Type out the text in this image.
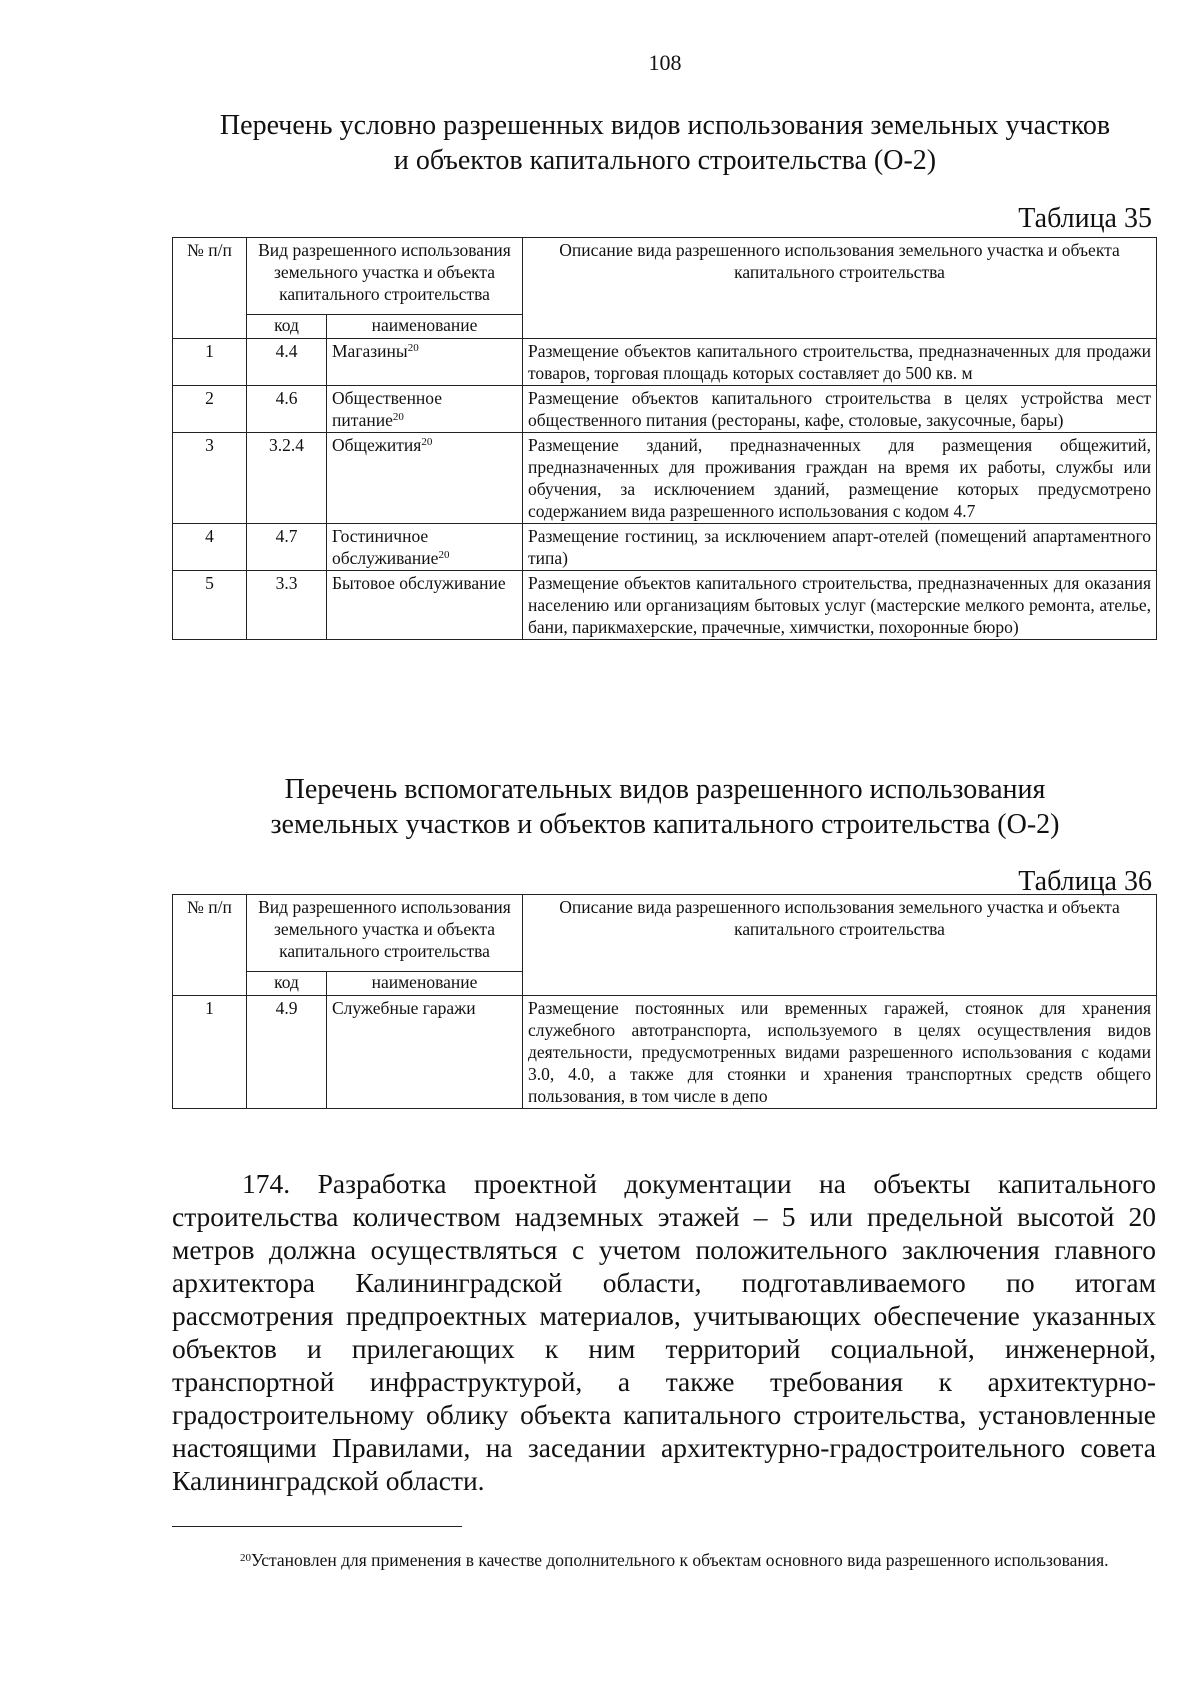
108
Перечень условно разрешенных видов использования земельных участков
и объектов капитального строительства (О-2)
Таблица 35
№ п/п	Вид разрешенного использования земельного участка и объекта капитального строительства		Описание вида разрешенного использования земельного участка и объекта капитального строительства
	код	наименование	
1	4.4	Магазины$^{20}$	Размещение объектов капитального строительства, предназначенных для продажи товаров, торговая площадь которых составляет до 500 кв. м
2	4.6	Общественное питание$^{20}$	Размещение объектов капитального строительства в целях устройства мест общественного питания (рестораны, кафе, столовые, закусочные, бары)
3	3.2.4	Общежития$^{20}$	Размещение зданий, предназначенных для размещения общежитий, предназначенных для проживания граждан на время их работы, службы или обучения, за исключением зданий, размещение которых предусмотрено содержанием вида разрешенного использования с кодом 4.7
4	4.7	Гостиничное обслуживание$^{20}$	Размещение гостиниц, за исключением апарт-отелей (помещений апартаментного типа)
5	3.3	Бытовое обслуживание	Размещение объектов капитального строительства, предназначенных для оказания населению или организациям бытовых услуг (мастерские мелкого ремонта, ателье, бани, парикмахерские, прачечные, химчистки, похоронные бюро)
Перечень вспомогательных видов разрешенного использования
земельных участков и объектов капитального строительства (О-2)
Таблица 36
№ п/п	Вид разрешенного использования земельного участка и объекта капитального строительства		Описание вида разрешенного использования земельного участка и объекта капитального строительства
	код	наименование	
1	4.9	Служебные гаражи	Размещение постоянных или временных гаражей, стоянок для хранения служебного автотранспорта, используемого в целях осуществления видов деятельности, предусмотренных видами разрешенного использования с кодами 3.0, 4.0, а также для стоянки и хранения транспортных средств общего пользования, в том числе в депо
174. Разработка проектной документации на объекты капитального строительства количеством надземных этажей – 5 или предельной высотой 20 метров должна осуществляться с учетом положительного заключения главного архитектора Калининградской области, подготавливаемого по итогам рассмотрения предпроектных материалов, учитывающих обеспечение указанных объектов и прилегающих к ним территорий социальной, инженерной, транспортной инфраструктурой, а также требования к архитектурно-градостроительному облику объекта капитального строительства, установленные настоящими Правилами, на заседании архитектурно-градостроительного совета Калининградской области.
$^{20}$Установлен для применения в качестве дополнительного к объектам основного вида разрешенного использования.
